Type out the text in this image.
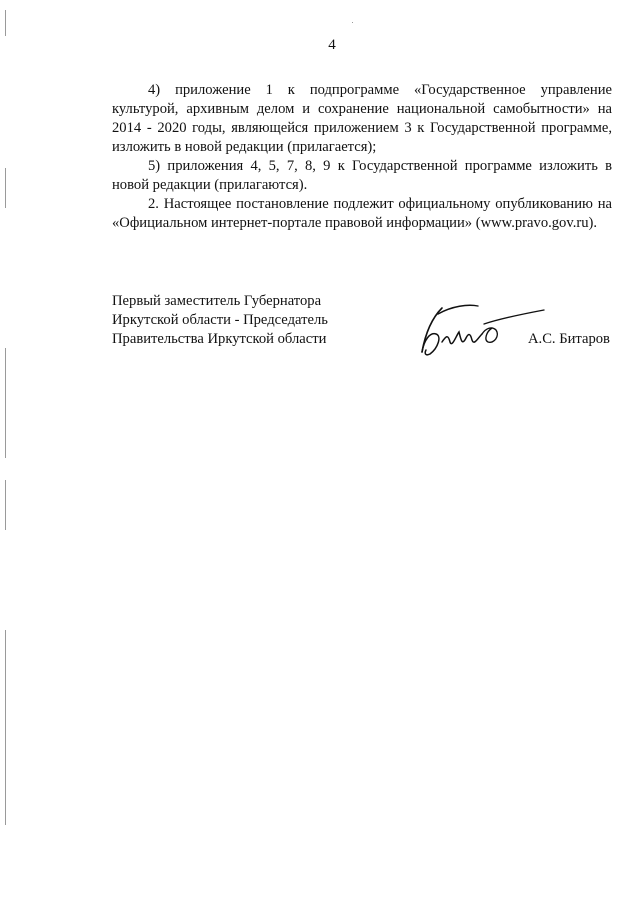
4

4) приложение 1 к подпрограмме «Государственное управление культурой, архивным делом и сохранение национальной самобытности» на 2014 - 2020 годы, являющейся приложением 3 к Государственной программе, изложить в новой редакции (прилагается);

5) приложения 4, 5, 7, 8, 9 к Государственной программе изложить в новой редакции (прилагаются).

2. Настоящее постановление подлежит официальному опубликованию на «Официальном интернет-портале правовой информации» (www.pravo.gov.ru).

Первый заместитель Губернатора
Иркутской области - Председатель
Правительства Иркутской области	А.С. Битаров
